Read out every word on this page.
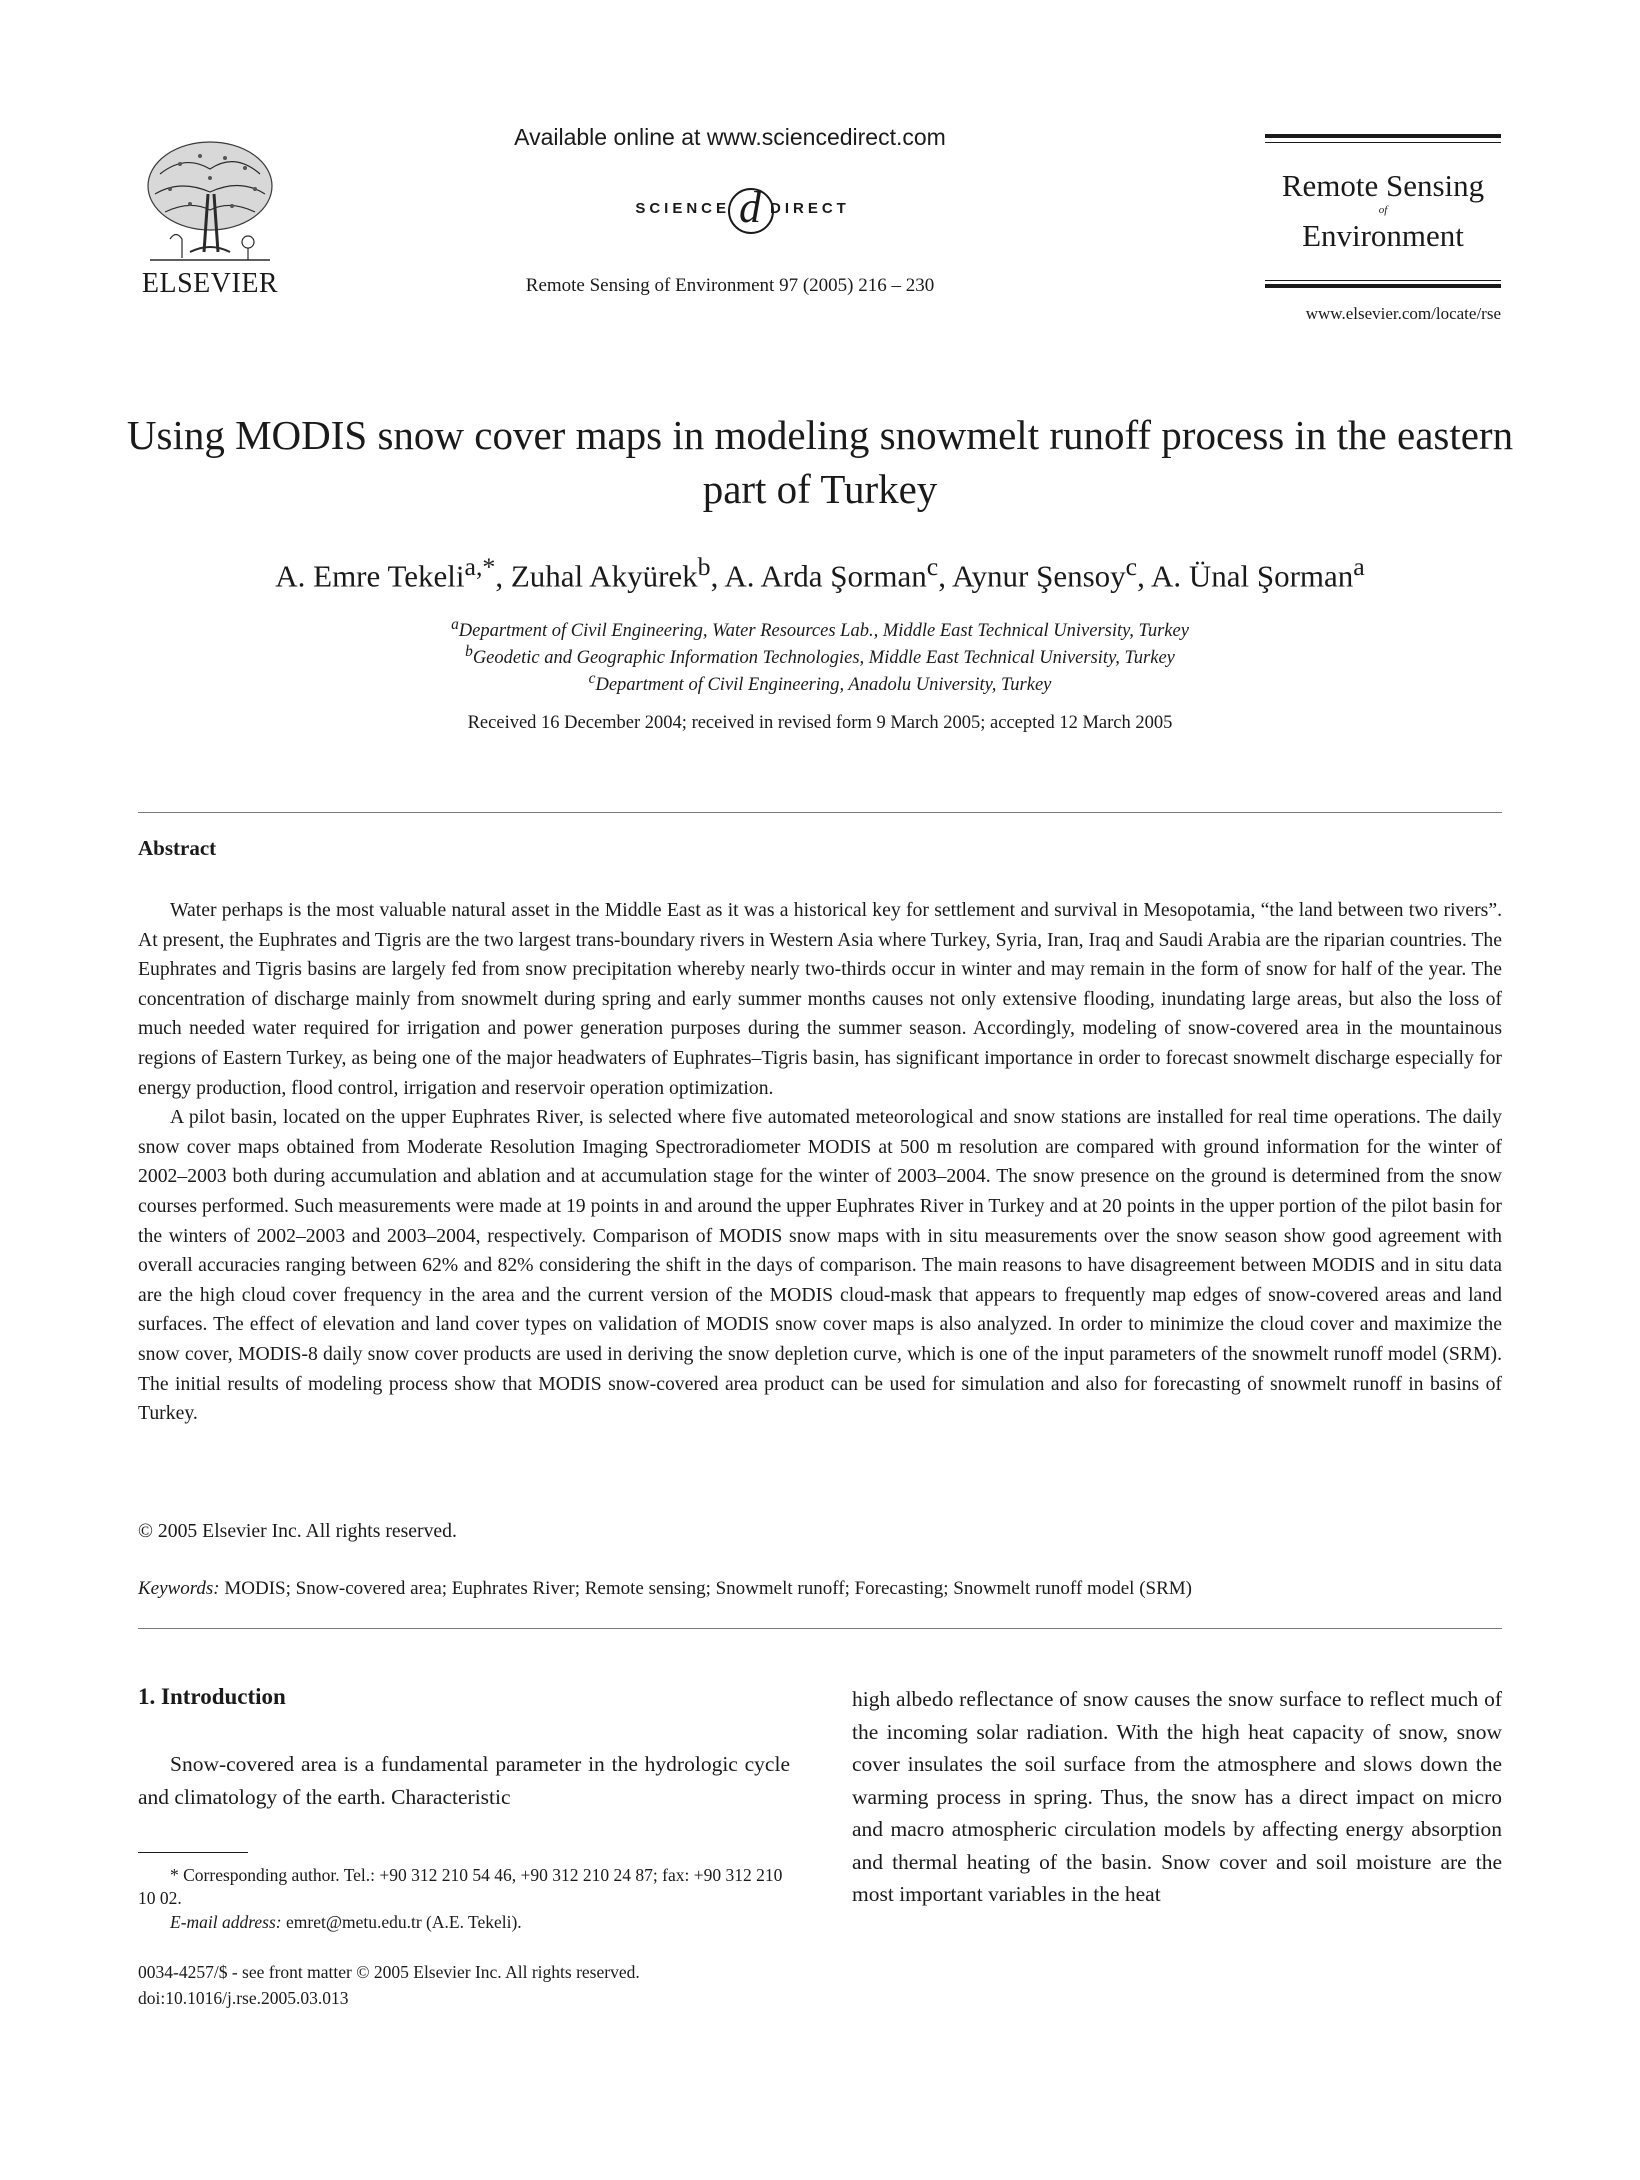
ELSEVIER
Available online at www.sciencedirect.com
SCIENCE d DIRECT
Remote Sensing of Environment 97 (2005) 216 – 230
Remote Sensing
of
Environment
www.elsevier.com/locate/rse
Using MODIS snow cover maps in modeling snowmelt runoff process in the eastern part of Turkey
A. Emre Tekeli$^{a,*}$, Zuhal Akyürek$^b$, A. Arda Şorman$^c$, Aynur Şensoy$^c$, A. Ünal Şorman$^a$
$^a$Department of Civil Engineering, Water Resources Lab., Middle East Technical University, Turkey
$^b$Geodetic and Geographic Information Technologies, Middle East Technical University, Turkey
$^c$Department of Civil Engineering, Anadolu University, Turkey
Received 16 December 2004; received in revised form 9 March 2005; accepted 12 March 2005
Abstract

Water perhaps is the most valuable natural asset in the Middle East as it was a historical key for settlement and survival in Mesopotamia, “the land between two rivers”. At present, the Euphrates and Tigris are the two largest trans-boundary rivers in Western Asia where Turkey, Syria, Iran, Iraq and Saudi Arabia are the riparian countries. The Euphrates and Tigris basins are largely fed from snow precipitation whereby nearly two-thirds occur in winter and may remain in the form of snow for half of the year. The concentration of discharge mainly from snowmelt during spring and early summer months causes not only extensive flooding, inundating large areas, but also the loss of much needed water required for irrigation and power generation purposes during the summer season. Accordingly, modeling of snow-covered area in the mountainous regions of Eastern Turkey, as being one of the major headwaters of Euphrates–Tigris basin, has significant importance in order to forecast snowmelt discharge especially for energy production, flood control, irrigation and reservoir operation optimization.

A pilot basin, located on the upper Euphrates River, is selected where five automated meteorological and snow stations are installed for real time operations. The daily snow cover maps obtained from Moderate Resolution Imaging Spectroradiometer MODIS at 500 m resolution are compared with ground information for the winter of 2002–2003 both during accumulation and ablation and at accumulation stage for the winter of 2003–2004. The snow presence on the ground is determined from the snow courses performed. Such measurements were made at 19 points in and around the upper Euphrates River in Turkey and at 20 points in the upper portion of the pilot basin for the winters of 2002–2003 and 2003–2004, respectively. Comparison of MODIS snow maps with in situ measurements over the snow season show good agreement with overall accuracies ranging between 62% and 82% considering the shift in the days of comparison. The main reasons to have disagreement between MODIS and in situ data are the high cloud cover frequency in the area and the current version of the MODIS cloud-mask that appears to frequently map edges of snow-covered areas and land surfaces. The effect of elevation and land cover types on validation of MODIS snow cover maps is also analyzed. In order to minimize the cloud cover and maximize the snow cover, MODIS-8 daily snow cover products are used in deriving the snow depletion curve, which is one of the input parameters of the snowmelt runoff model (SRM). The initial results of modeling process show that MODIS snow-covered area product can be used for simulation and also for forecasting of snowmelt runoff in basins of Turkey.

© 2005 Elsevier Inc. All rights reserved.
Keywords: MODIS; Snow-covered area; Euphrates River; Remote sensing; Snowmelt runoff; Forecasting; Snowmelt runoff model (SRM)
1. Introduction
Snow-covered area is a fundamental parameter in the hydrologic cycle and climatology of the earth. Characteristic
high albedo reflectance of snow causes the snow surface to reflect much of the incoming solar radiation. With the high heat capacity of snow, snow cover insulates the soil surface from the atmosphere and slows down the warming process in spring. Thus, the snow has a direct impact on micro and macro atmospheric circulation models by affecting energy absorption and thermal heating of the basin. Snow cover and soil moisture are the most important variables in the heat
* Corresponding author. Tel.: +90 312 210 54 46, +90 312 210 24 87; fax: +90 312 210 10 02.
E-mail address: emret@metu.edu.tr (A.E. Tekeli).
0034-4257/$ - see front matter © 2005 Elsevier Inc. All rights reserved.
doi:10.1016/j.rse.2005.03.013
